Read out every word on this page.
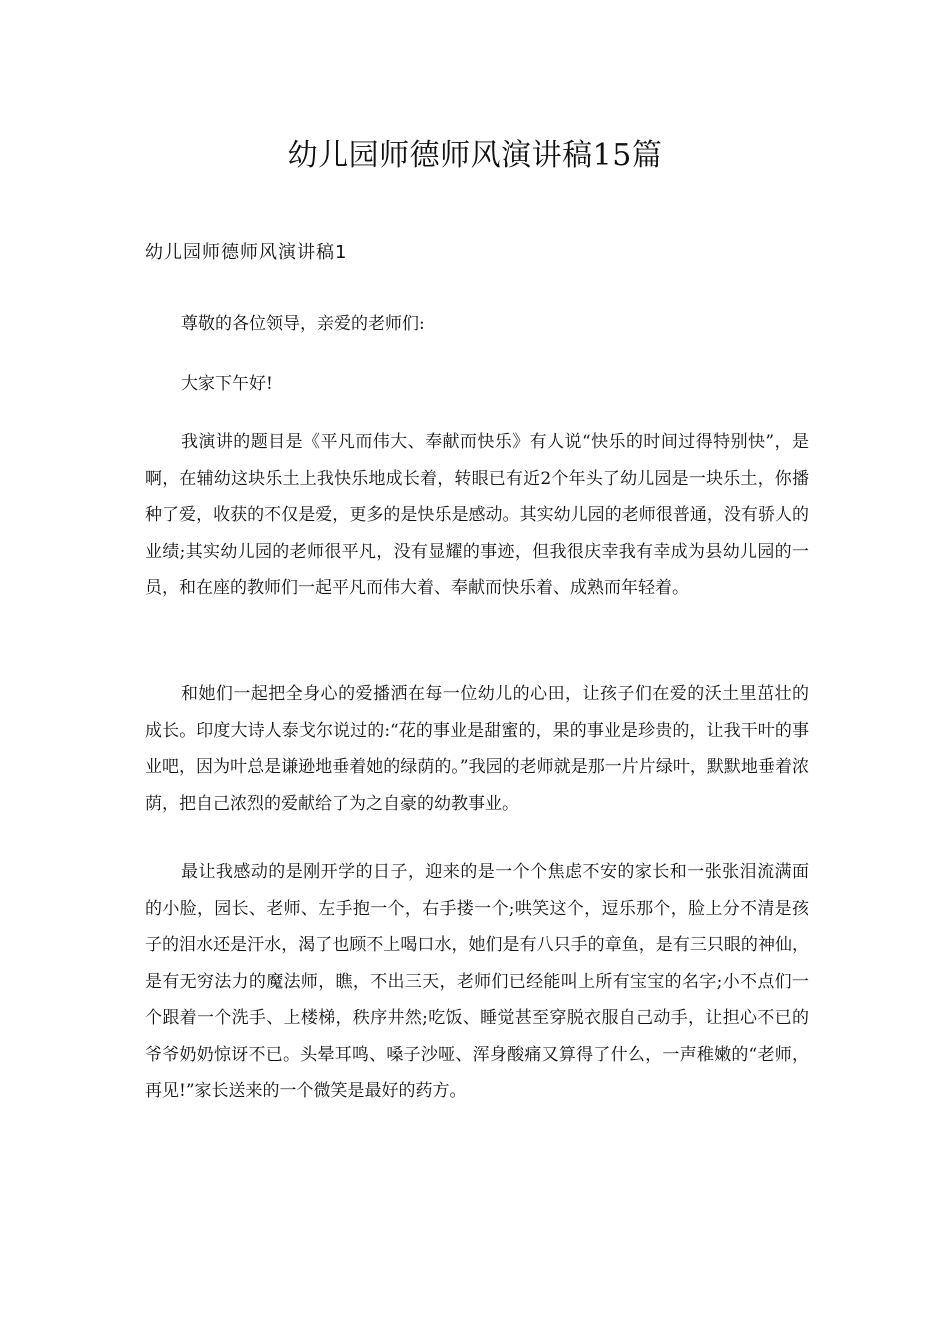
幼儿园师德师风演讲稿15篇
幼儿园师德师风演讲稿1

尊敬的各位领导，亲爱的老师们:

大家下午好!

我演讲的题目是《平凡而伟大、奉献而快乐》有人说“快乐的时间过得特别快”，是啊，在辅幼这块乐土上我快乐地成长着，转眼已有近2个年头了幼儿园是一块乐土，你播种了爱，收获的不仅是爱，更多的是快乐是感动。其实幼儿园的老师很普通，没有骄人的业绩;其实幼儿园的老师很平凡，没有显耀的事迹，但我很庆幸我有幸成为县幼儿园的一员，和在座的教师们一起平凡而伟大着、奉献而快乐着、成熟而年轻着。

和她们一起把全身心的爱播洒在每一位幼儿的心田，让孩子们在爱的沃土里茁壮的成长。印度大诗人泰戈尔说过的:“花的事业是甜蜜的，果的事业是珍贵的，让我干叶的事业吧，因为叶总是谦逊地垂着她的绿荫的。”我园的老师就是那一片片绿叶，默默地垂着浓荫，把自己浓烈的爱献给了为之自豪的幼教事业。

最让我感动的是刚开学的日子，迎来的是一个个焦虑不安的家长和一张张泪流满面的小脸，园长、老师、左手抱一个，右手搂一个;哄笑这个，逗乐那个，脸上分不清是孩子的泪水还是汗水，渴了也顾不上喝口水，她们是有八只手的章鱼，是有三只眼的神仙，是有无穷法力的魔法师，瞧，不出三天，老师们已经能叫上所有宝宝的名字;小不点们一个跟着一个洗手、上楼梯，秩序井然;吃饭、睡觉甚至穿脱衣服自己动手，让担心不已的爷爷奶奶惊讶不已。头晕耳鸣、嗓子沙哑、浑身酸痛又算得了什么，一声稚嫩的“老师，再见!”家长送来的一个微笑是最好的药方。
